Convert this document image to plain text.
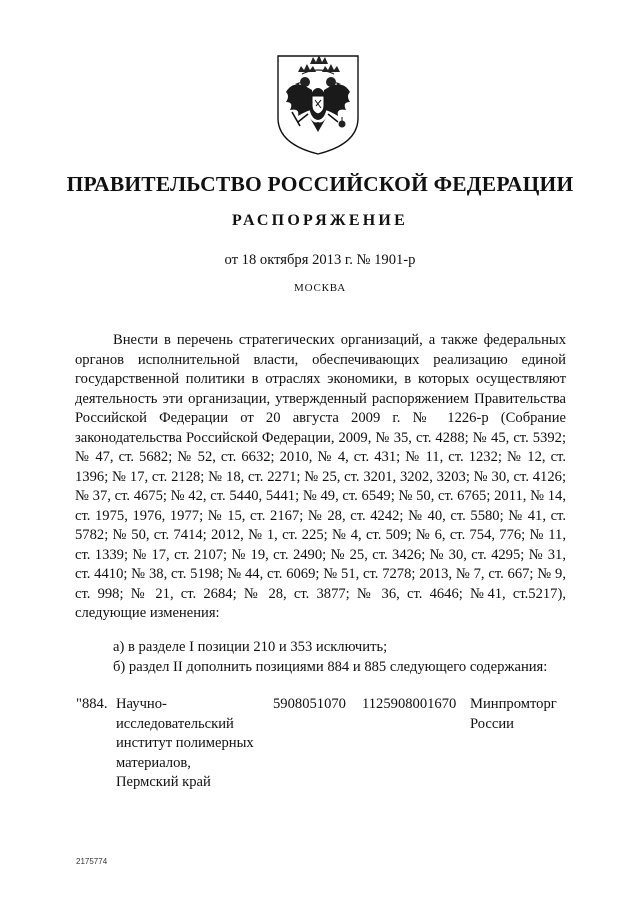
ПРАВИТЕЛЬСТВО РОССИЙСКОЙ ФЕДЕРАЦИИ
РАСПОРЯЖЕНИЕ
от 18 октября 2013 г. № 1901-р
МОСКВА

Внести в перечень стратегических организаций, а также федеральных органов исполнительной власти, обеспечивающих реализацию единой государственной политики в отраслях экономики, в которых осуществляют деятельность эти организации, утвержденный распоряжением Правительства Российской Федерации от 20 августа 2009 г. № 1226-р (Собрание законодательства Российской Федерации, 2009, № 35, ст. 4288; № 45, ст. 5392; № 47, ст. 5682; № 52, ст. 6632; 2010, № 4, ст. 431; № 11, ст. 1232; № 12, ст. 1396; № 17, ст. 2128; № 18, ст. 2271; № 25, ст. 3201, 3202, 3203; № 30, ст. 4126; № 37, ст. 4675; № 42, ст. 5440, 5441; № 49, ст. 6549; № 50, ст. 6765; 2011, № 14, ст. 1975, 1976, 1977; № 15, ст. 2167; № 28, ст. 4242; № 40, ст. 5580; № 41, ст. 5782; № 50, ст. 7414; 2012, № 1, ст. 225; № 4, ст. 509; № 6, ст. 754, 776; № 11, ст. 1339; № 17, ст. 2107; № 19, ст. 2490; № 25, ст. 3426; № 30, ст. 4295; № 31, ст. 4410; № 38, ст. 5198; № 44, ст. 6069; № 51, ст. 7278; 2013, № 7, ст. 667; № 9, ст. 998; № 21, ст. 2684; № 28, ст. 3877; № 36, ст. 4646; №41, ст.5217), следующие изменения:

а) в разделе I позиции 210 и 353 исключить;

б) раздел II дополнить позициями 884 и 885 следующего содержания:

"884. Научно-
исследовательский
институт полимерных
материалов,
Пермский край
5908051070 1125908001670 Минпромторг
России
2175774
